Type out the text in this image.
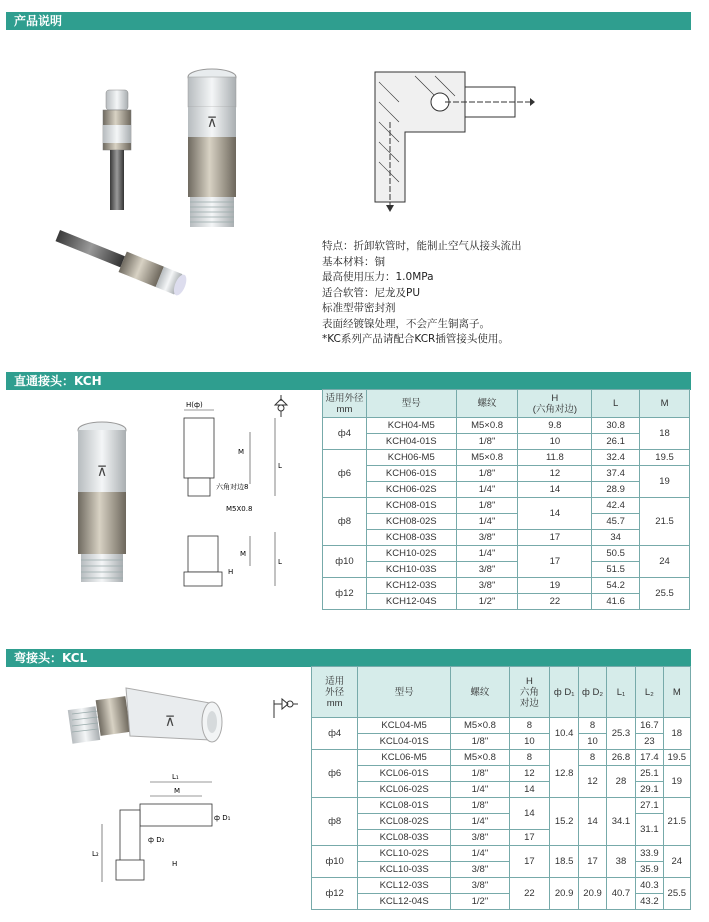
产品说明
直通接头：KCH
弯接头：KCL
⊼
特点：折卸软管时，能制止空气从接头流出
基本材料：铜
最高使用压力：1.0MPa
适合软管：尼龙及PU
标准型带密封剂
表面经镀镍处理，不会产生铜离子。
*KC系列产品请配合KCR插管接头使用。
⊼
H(ф)
M
L
六角对边8
M5X0.8
M
H
L
适用外径
mm	型号	螺纹	H
(六角对边)	L	M
ф4	KCH04-M5	M5×0.8	9.8	30.8	18
	KCH04-01S	1/8"	10	26.1	
ф6	KCH06-M5	M5×0.8	11.8	32.4	19.5
	KCH06-01S	1/8"	12	37.4	19
	KCH06-02S	1/4"	14	28.9	
ф8	KCH08-01S	1/8"	14	42.4	21.5
	KCH08-02S	1/4"		45.7	
	KCH08-03S	3/8"	17	34	
ф10	KCH10-02S	1/4"	17	50.5	24
	KCH10-03S	3/8"		51.5	
ф12	KCH12-03S	3/8"	19	54.2	25.5
	KCH12-04S	1/2"	22	41.6	
⊼
L₁
M
ф D₁
ф D₂
H
L₂
适用
外径
mm	型号	螺纹	H
六角
对边	ф D₁	ф D₂	L₁	L₂	M
ф4	KCL04-M5	M5×0.8	8	10.4	8	25.3	16.7	18
	KCL04-01S	1/8"	10		10		23	
ф6	KCL06-M5	M5×0.8	8	12.8	8	26.8	17.4	19.5
	KCL06-01S	1/8"	12		12	28	25.1	19
	KCL06-02S	1/4"	14				29.1	
ф8	KCL08-01S	1/8"	14	15.2	14	34.1	27.1	21.5
	KCL08-02S	1/4"					31.1	
	KCL08-03S	3/8"	17					
ф10	KCL10-02S	1/4"	17	18.5	17	38	33.9	24
	KCL10-03S	3/8"					35.9	
ф12	KCL12-03S	3/8"	22	20.9	20.9	40.7	40.3	25.5
	KCL12-04S	1/2"					43.2	
